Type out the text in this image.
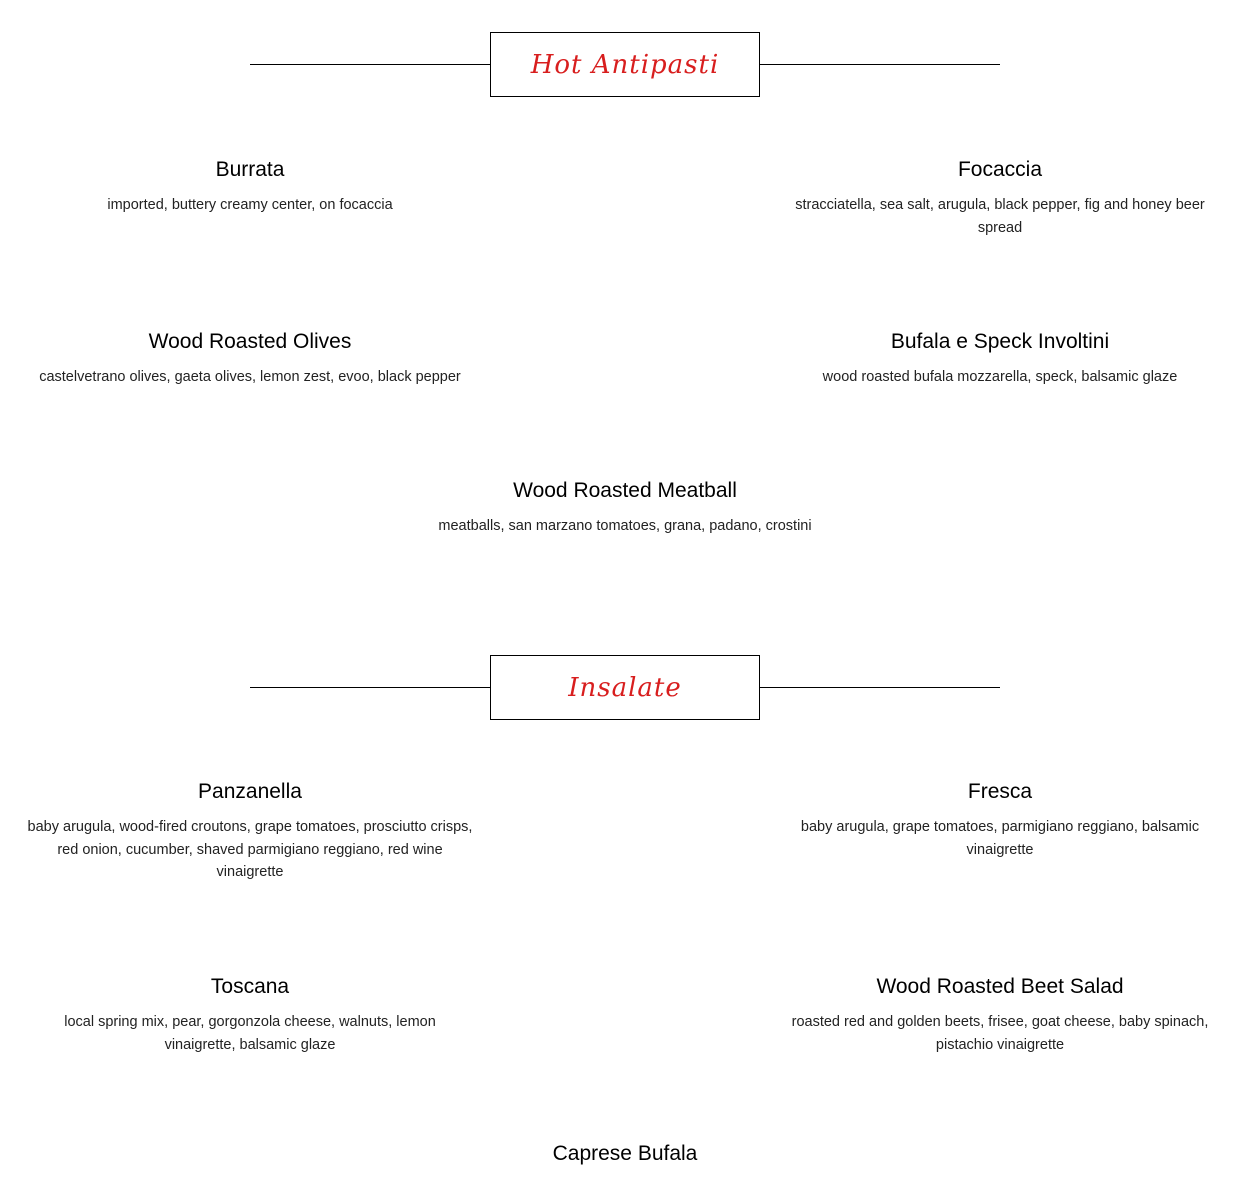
Hot Antipasti
Burrata

imported, buttery creamy center, on focaccia

Focaccia

stracciatella, sea salt, arugula, black pepper, fig and honey beer spread

Wood Roasted Olives

castelvetrano olives, gaeta olives, lemon zest, evoo, black pepper

Bufala e Speck Involtini

wood roasted bufala mozzarella, speck, balsamic glaze

Wood Roasted Meatball

meatballs, san marzano tomatoes, grana, padano, crostini

Insalate
Panzanella

baby arugula, wood-fired croutons, grape tomatoes, prosciutto crisps, red onion, cucumber, shaved parmigiano reggiano, red wine vinaigrette

Fresca

baby arugula, grape tomatoes, parmigiano reggiano, balsamic vinaigrette

Toscana

local spring mix, pear, gorgonzola cheese, walnuts, lemon vinaigrette, balsamic glaze

Wood Roasted Beet Salad

roasted red and golden beets, frisee, goat cheese, baby spinach, pistachio vinaigrette

Caprese Bufala
